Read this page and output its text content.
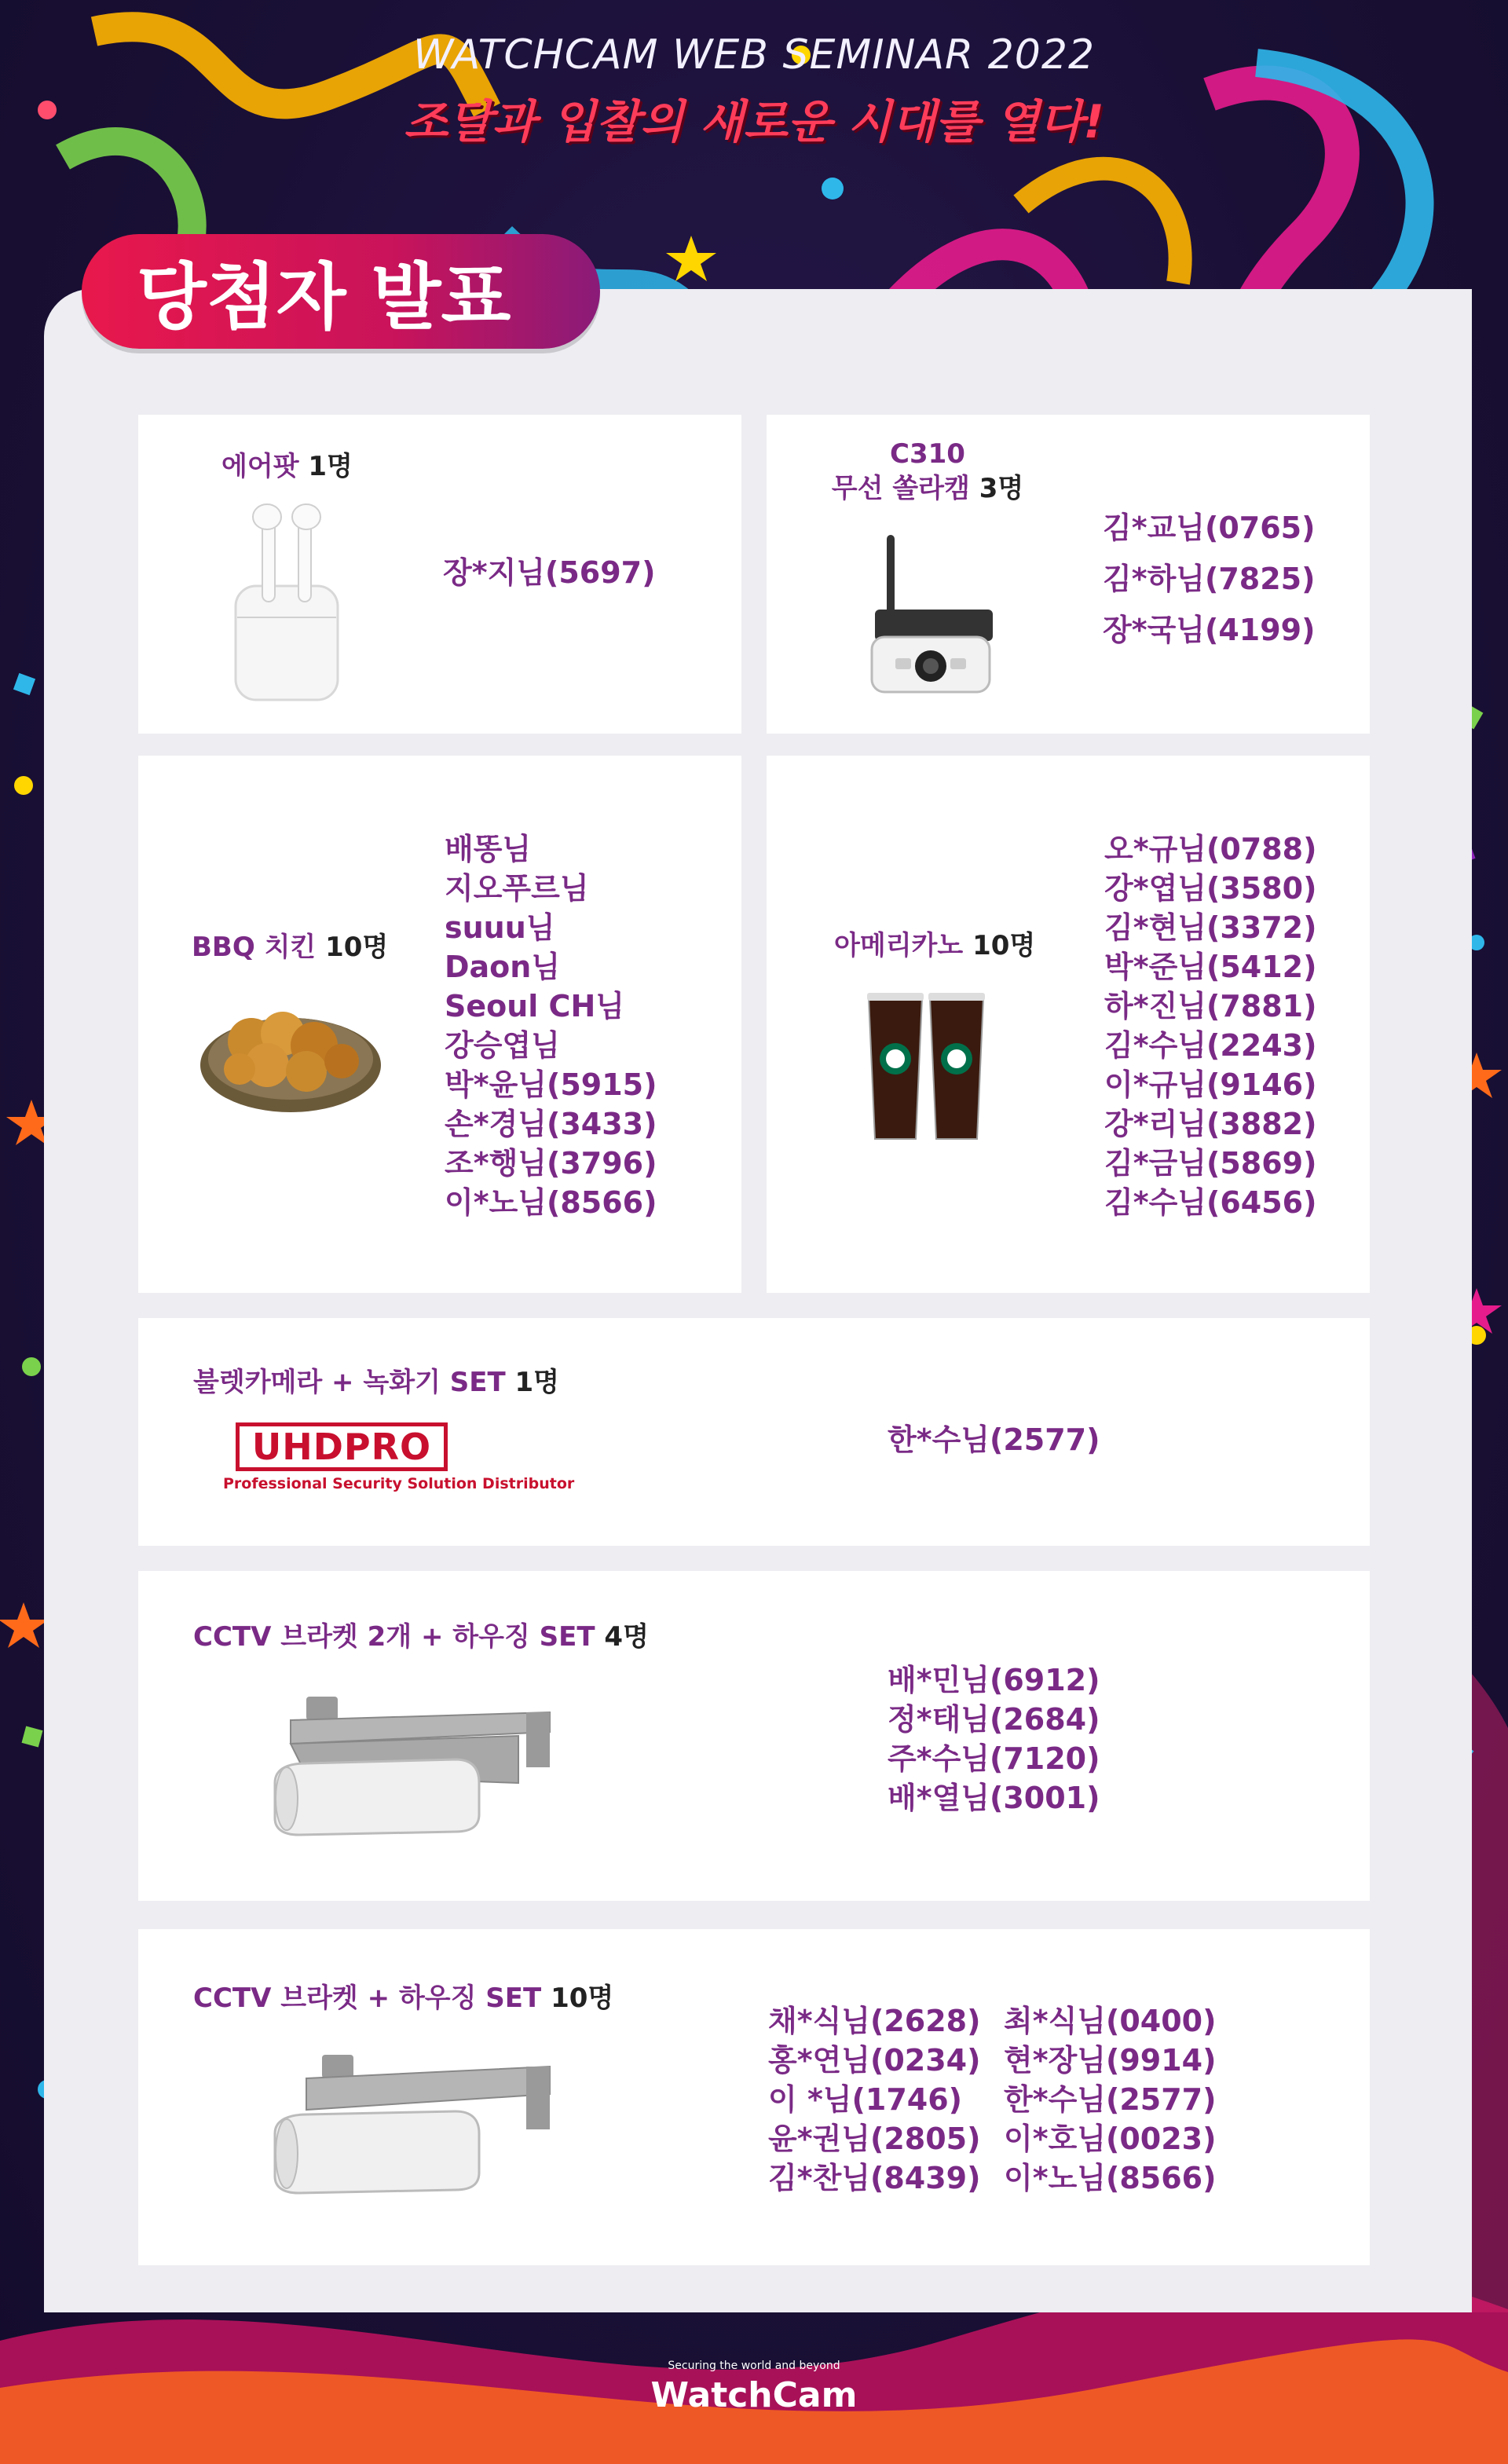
WATCHCAM WEB SEMINAR 2022
조달과 입찰의 새로운 시대를 열다!
당첨자 발표
에어팟 1명
장*지님(5697)
C310
무선 쏠라캠 3명
김*교님(0765)
김*하님(7825)
장*국님(4199)
BBQ 치킨 10명
배똥님
지오푸르님
suuu님
Daon님
Seoul CH님
강승엽님
박*윤님(5915)
손*경님(3433)
조*행님(3796)
이*노님(8566)
아메리카노 10명
오*규님(0788)
강*엽님(3580)
김*현님(3372)
박*준님(5412)
하*진님(7881)
김*수님(2243)
이*규님(9146)
강*리님(3882)
김*금님(5869)
김*수님(6456)
불렛카메라 + 녹화기 SET 1명
UHDPRO
Professional Security Solution Distributor
한*수님(2577)
CCTV 브라켓 2개 + 하우징 SET 4명
배*민님(6912)
정*태님(2684)
주*수님(7120)
배*열님(3001)
CCTV 브라켓 + 하우징 SET 10명
채*식님(2628)
홍*연님(0234)
이 *님(1746)
윤*권님(2805)
김*찬님(8439)
최*식님(0400)
현*장님(9914)
한*수님(2577)
이*호님(0023)
이*노님(8566)
Securing the world and beyond
WatchCam
